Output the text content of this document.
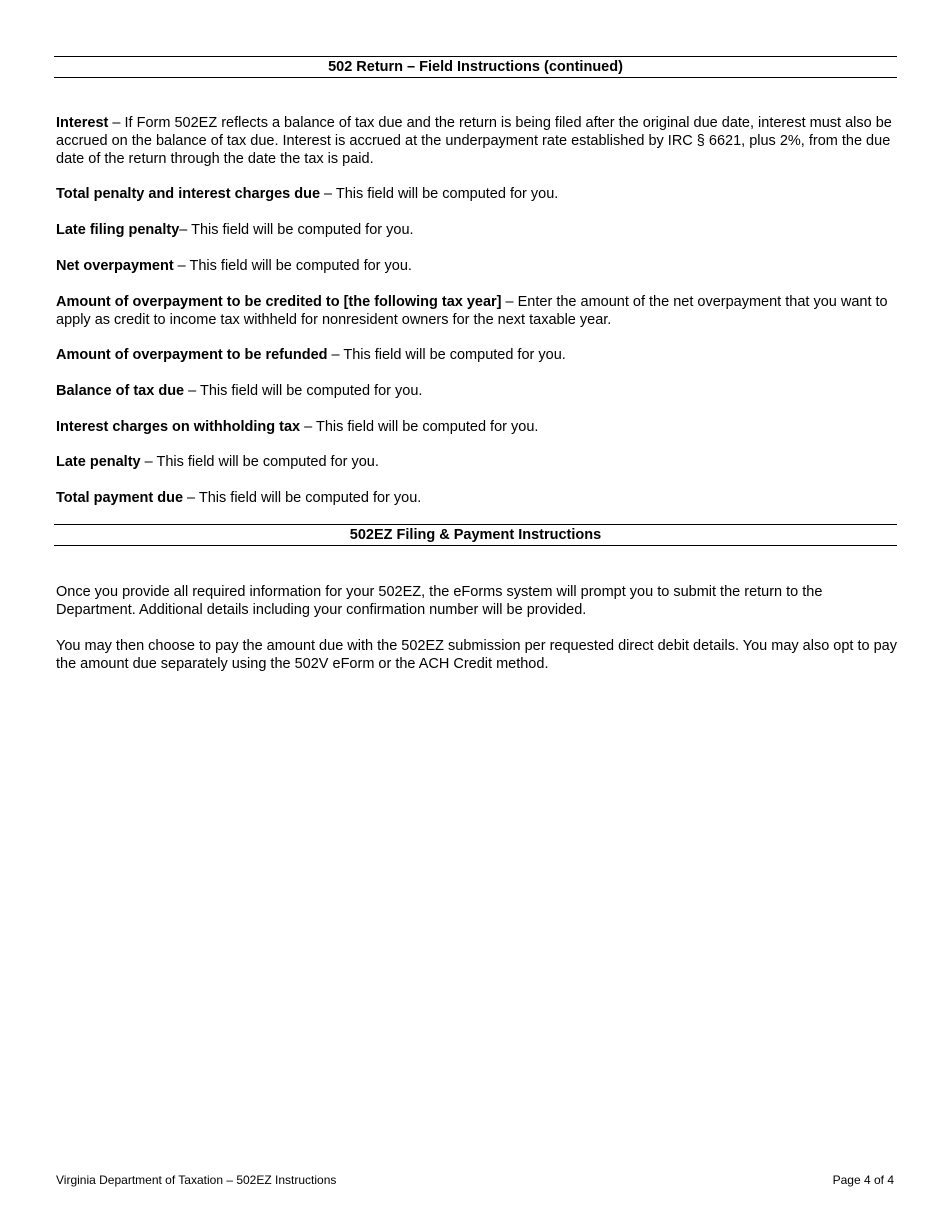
502 Return – Field Instructions (continued)

Interest – If Form 502EZ reflects a balance of tax due and the return is being filed after the original due date, interest must also be accrued on the balance of tax due. Interest is accrued at the underpayment rate established by IRC § 6621, plus 2%, from the due date of the return through the date the tax is paid.

Total penalty and interest charges due – This field will be computed for you.

Late filing penalty– This field will be computed for you.

Net overpayment – This field will be computed for you.

Amount of overpayment to be credited to [the following tax year] – Enter the amount of the net overpayment that you want to apply as credit to income tax withheld for nonresident owners for the next taxable year.

Amount of overpayment to be refunded – This field will be computed for you.

Balance of tax due – This field will be computed for you.

Interest charges on withholding tax – This field will be computed for you.

Late penalty – This field will be computed for you.

Total payment due – This field will be computed for you.

502EZ Filing & Payment Instructions

Once you provide all required information for your 502EZ, the eForms system will prompt you to submit the return to the Department. Additional details including your confirmation number will be provided.

You may then choose to pay the amount due with the 502EZ submission per requested direct debit details. You may also opt to pay the amount due separately using the 502V eForm or the ACH Credit method.

Virginia Department of Taxation – 502EZ Instructions	Page 4 of 4
